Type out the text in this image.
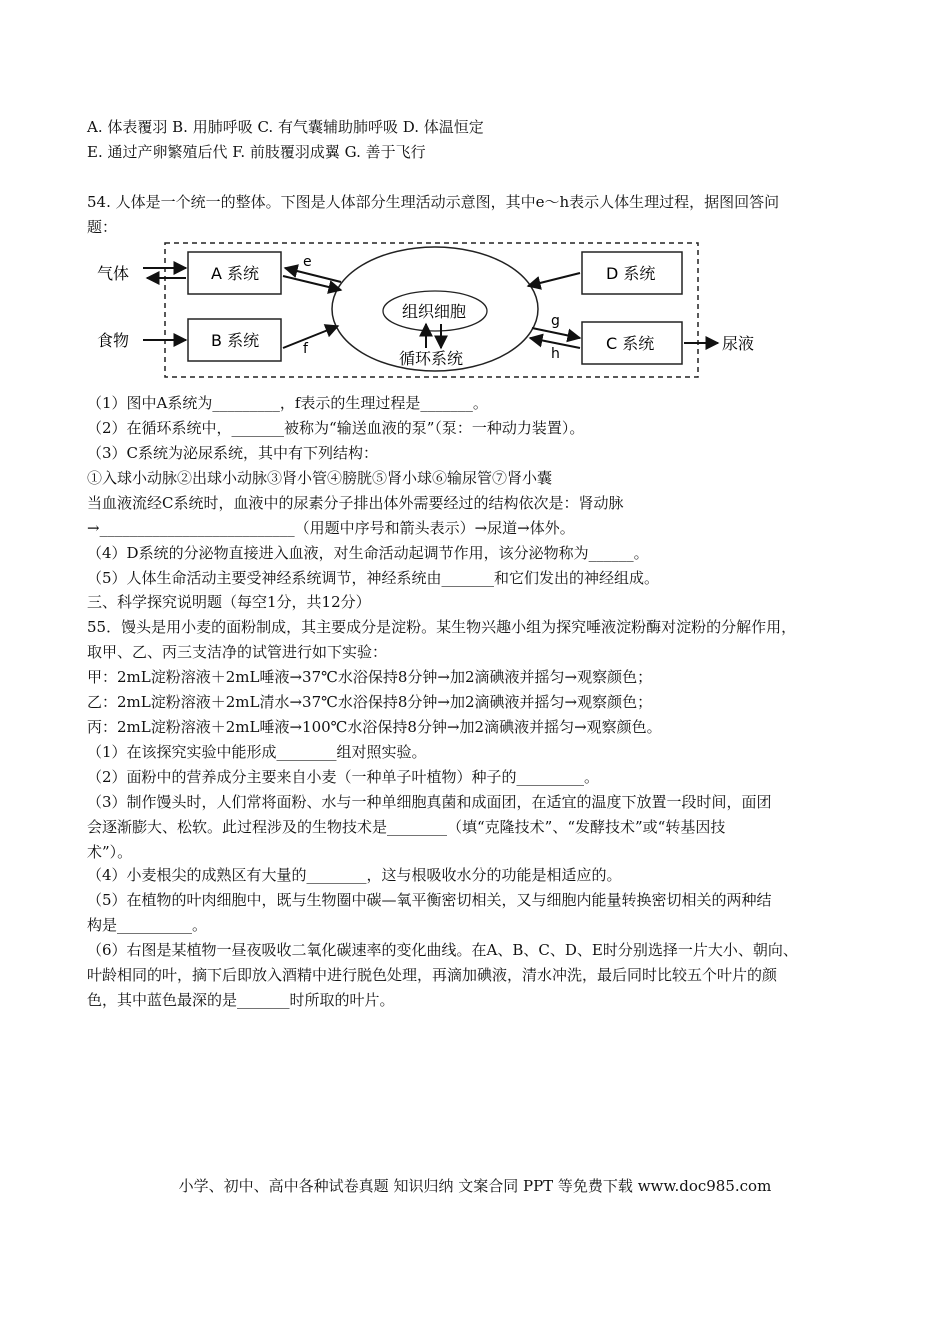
A. 体表覆羽 B. 用肺呼吸 C. 有气囊辅助肺呼吸 D. 体温恒定
E. 通过产卵繁殖后代 F. 前肢覆羽成翼 G. 善于飞行
54. 人体是一个统一的整体。下图是人体部分生理活动示意图，其中e～h表示人体生理过程，据图回答问
题：
气体
食物	尿液
A 系统
B 系统
D 系统
C 系统
组织细胞
循环系统
e
f
g
h
（1）图中A系统为_________，f表示的生理过程是_______。
（2）在循环系统中，_______被称为“输送血液的泵”（泵：一种动力装置）。
（3）C系统为泌尿系统，其中有下列结构：
①入球小动脉②出球小动脉③肾小管④膀胱⑤肾小球⑥输尿管⑦肾小囊
当血液流经C系统时，血液中的尿素分子排出体外需要经过的结构依次是：肾动脉
→__________________________（用题中序号和箭头表示）→尿道→体外。
（4）D系统的分泌物直接进入血液，对生命活动起调节作用，该分泌物称为______。
（5）人体生命活动主要受神经系统调节，神经系统由_______和它们发出的神经组成。
三、科学探究说明题（每空1分，共12分）
55．馒头是用小麦的面粉制成，其主要成分是淀粉。某生物兴趣小组为探究唾液淀粉酶对淀粉的分解作用，
取甲、乙、丙三支洁净的试管进行如下实验：
甲：2mL淀粉溶液＋2mL唾液→37℃水浴保持8分钟→加2滴碘液并摇匀→观察颜色；
乙：2mL淀粉溶液＋2mL清水→37℃水浴保持8分钟→加2滴碘液并摇匀→观察颜色；
丙：2mL淀粉溶液＋2mL唾液→100℃水浴保持8分钟→加2滴碘液并摇匀→观察颜色。
（1）在该探究实验中能形成________组对照实验。
（2）面粉中的营养成分主要来自小麦（一种单子叶植物）种子的_________。
（3）制作馒头时，人们常将面粉、水与一种单细胞真菌和成面团，在适宜的温度下放置一段时间，面团
会逐渐膨大、松软。此过程涉及的生物技术是________（填“克隆技术”、“发酵技术”或“转基因技
术”）。
（4）小麦根尖的成熟区有大量的________，这与根吸收水分的功能是相适应的。
（5）在植物的叶肉细胞中，既与生物圈中碳—氧平衡密切相关，又与细胞内能量转换密切相关的两种结
构是__________。
（6）右图是某植物一昼夜吸收二氧化碳速率的变化曲线。在A、B、C、D、E时分别选择一片大小、朝向、
叶龄相同的叶，摘下后即放入酒精中进行脱色处理，再滴加碘液，清水冲洗，最后同时比较五个叶片的颜
色，其中蓝色最深的是_______时所取的叶片。
小学、初中、高中各种试卷真题 知识归纳 文案合同 PPT 等免费下载 www.doc985.com
